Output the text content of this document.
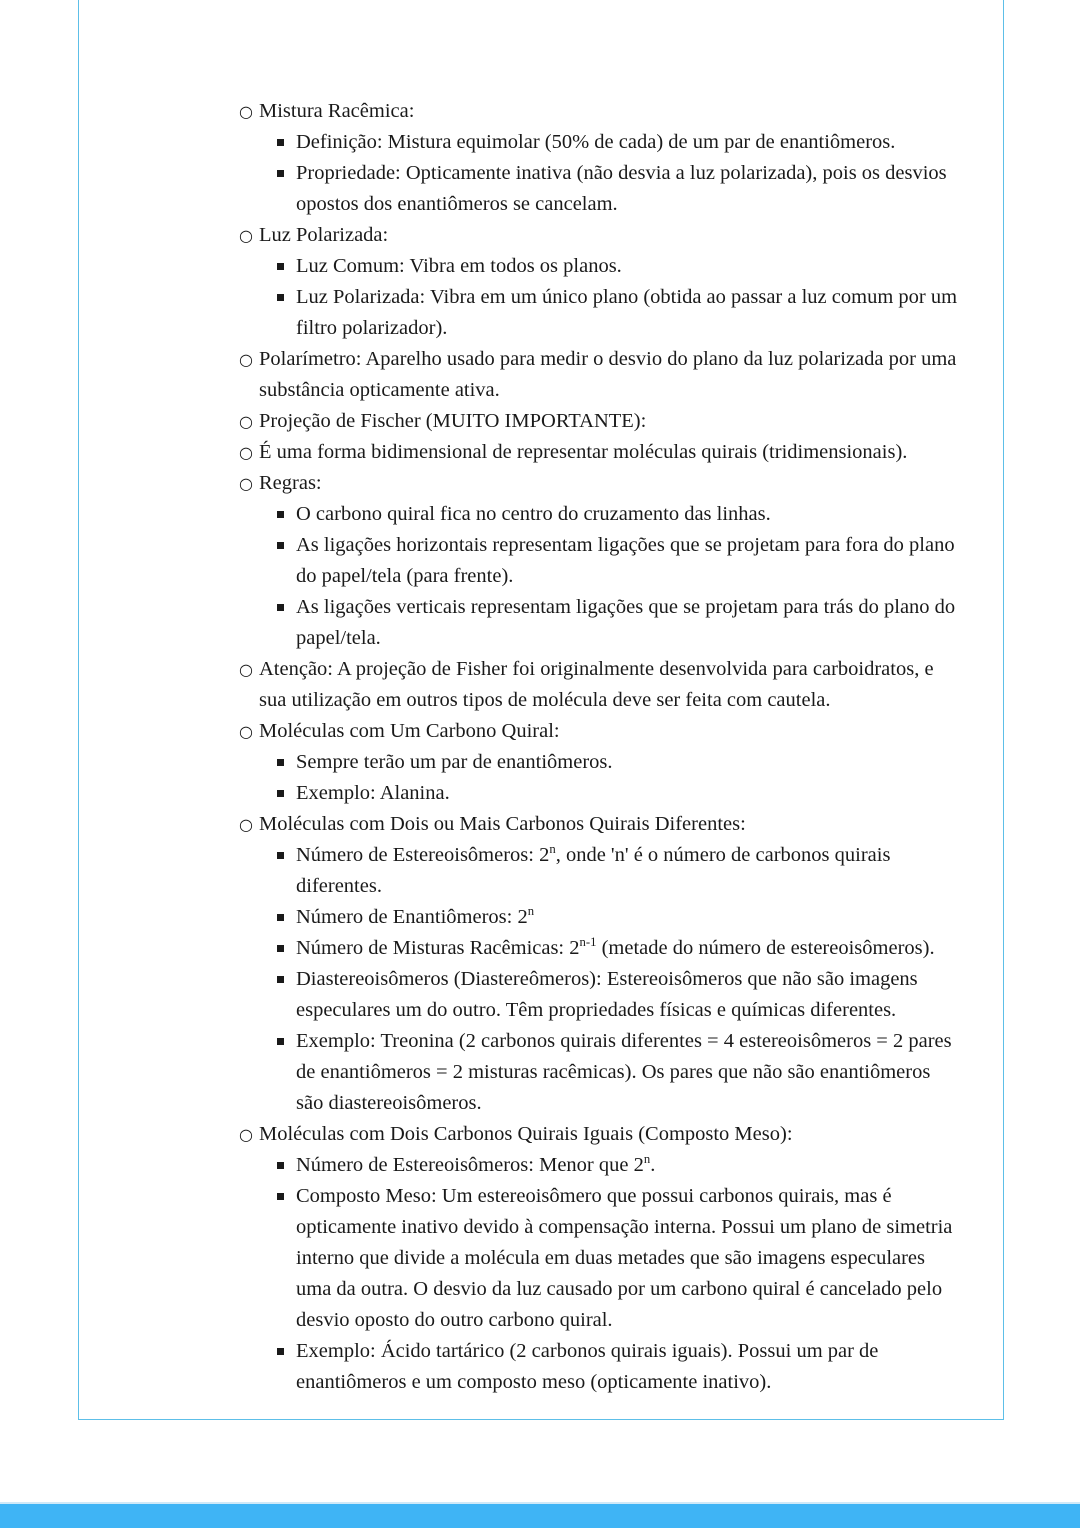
○ Mistura Racêmica:
Definição: Mistura equimolar (50% de cada) de um par de enantiômeros.
Propriedade: Opticamente inativa (não desvia a luz polarizada), pois os desvios opostos dos enantiômeros se cancelam.
○ Luz Polarizada:
Luz Comum: Vibra em todos os planos.
Luz Polarizada: Vibra em um único plano (obtida ao passar a luz comum por um filtro polarizador).
○ Polarímetro: Aparelho usado para medir o desvio do plano da luz polarizada por uma substância opticamente ativa.
○ Projeção de Fischer (MUITO IMPORTANTE):
○ É uma forma bidimensional de representar moléculas quirais (tridimensionais).
○ Regras:
O carbono quiral fica no centro do cruzamento das linhas.
As ligações horizontais representam ligações que se projetam para fora do plano do papel/tela (para frente).
As ligações verticais representam ligações que se projetam para trás do plano do papel/tela.
○ Atenção: A projeção de Fisher foi originalmente desenvolvida para carboidratos, e sua utilização em outros tipos de molécula deve ser feita com cautela.
○ Moléculas com Um Carbono Quiral:
Sempre terão um par de enantiômeros.
Exemplo: Alanina.
○ Moléculas com Dois ou Mais Carbonos Quirais Diferentes:
Número de Estereoisômeros: 2$^n$, onde 'n' é o número de carbonos quirais diferentes.
Número de Enantiômeros: 2$^n$
Número de Misturas Racêmicas: 2$^{n-1}$ (metade do número de estereoisômeros).
Diastereoisômeros (Diastereômeros): Estereoisômeros que não são imagens especulares um do outro. Têm propriedades físicas e químicas diferentes.
Exemplo: Treonina (2 carbonos quirais diferentes = 4 estereoisômeros = 2 pares de enantiômeros = 2 misturas racêmicas). Os pares que não são enantiômeros são diastereoisômeros.
○ Moléculas com Dois Carbonos Quirais Iguais (Composto Meso):
Número de Estereoisômeros: Menor que 2$^n$.
Composto Meso: Um estereoisômero que possui carbonos quirais, mas é opticamente inativo devido à compensação interna. Possui um plano de simetria interno que divide a molécula em duas metades que são imagens especulares uma da outra. O desvio da luz causado por um carbono quiral é cancelado pelo desvio oposto do outro carbono quiral.
Exemplo: Ácido tartárico (2 carbonos quirais iguais). Possui um par de enantiômeros e um composto meso (opticamente inativo).
